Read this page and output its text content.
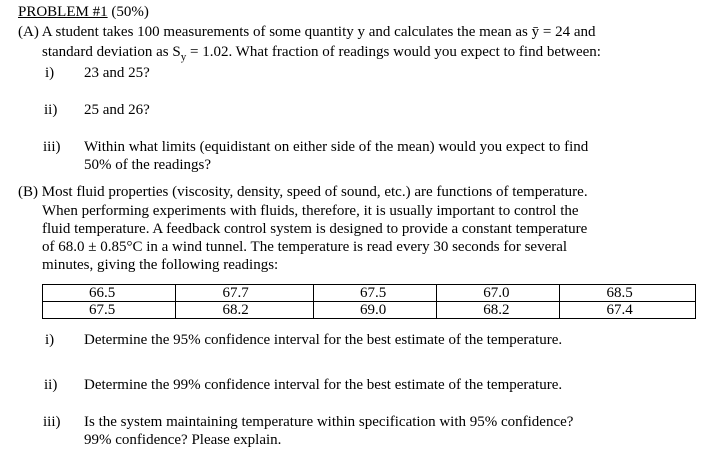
PROBLEM #1 (50%)
(A) A student takes 100 measurements of some quantity y and calculates the mean as ȳ = 24 and
standard deviation as $S_y = 1.02$. What fraction of readings would you expect to find between:
i) 23 and 25?
ii) 25 and 26?
iii) Within what limits (equidistant on either side of the mean) would you expect to find
50% of the readings?
(B) Most fluid properties (viscosity, density, speed of sound, etc.) are functions of temperature.
When performing experiments with fluids, therefore, it is usually important to control the
fluid temperature. A feedback control system is designed to provide a constant temperature
of 68.0 ± 0.85°C in a wind tunnel. The temperature is read every 30 seconds for several
minutes, giving the following readings:
66.5	67.7	67.5	67.0	68.5
67.5	68.2	69.0	68.2	67.4
i) Determine the 95% confidence interval for the best estimate of the temperature.
ii) Determine the 99% confidence interval for the best estimate of the temperature.
iii) Is the system maintaining temperature within specification with 95% confidence?
99% confidence? Please explain.
